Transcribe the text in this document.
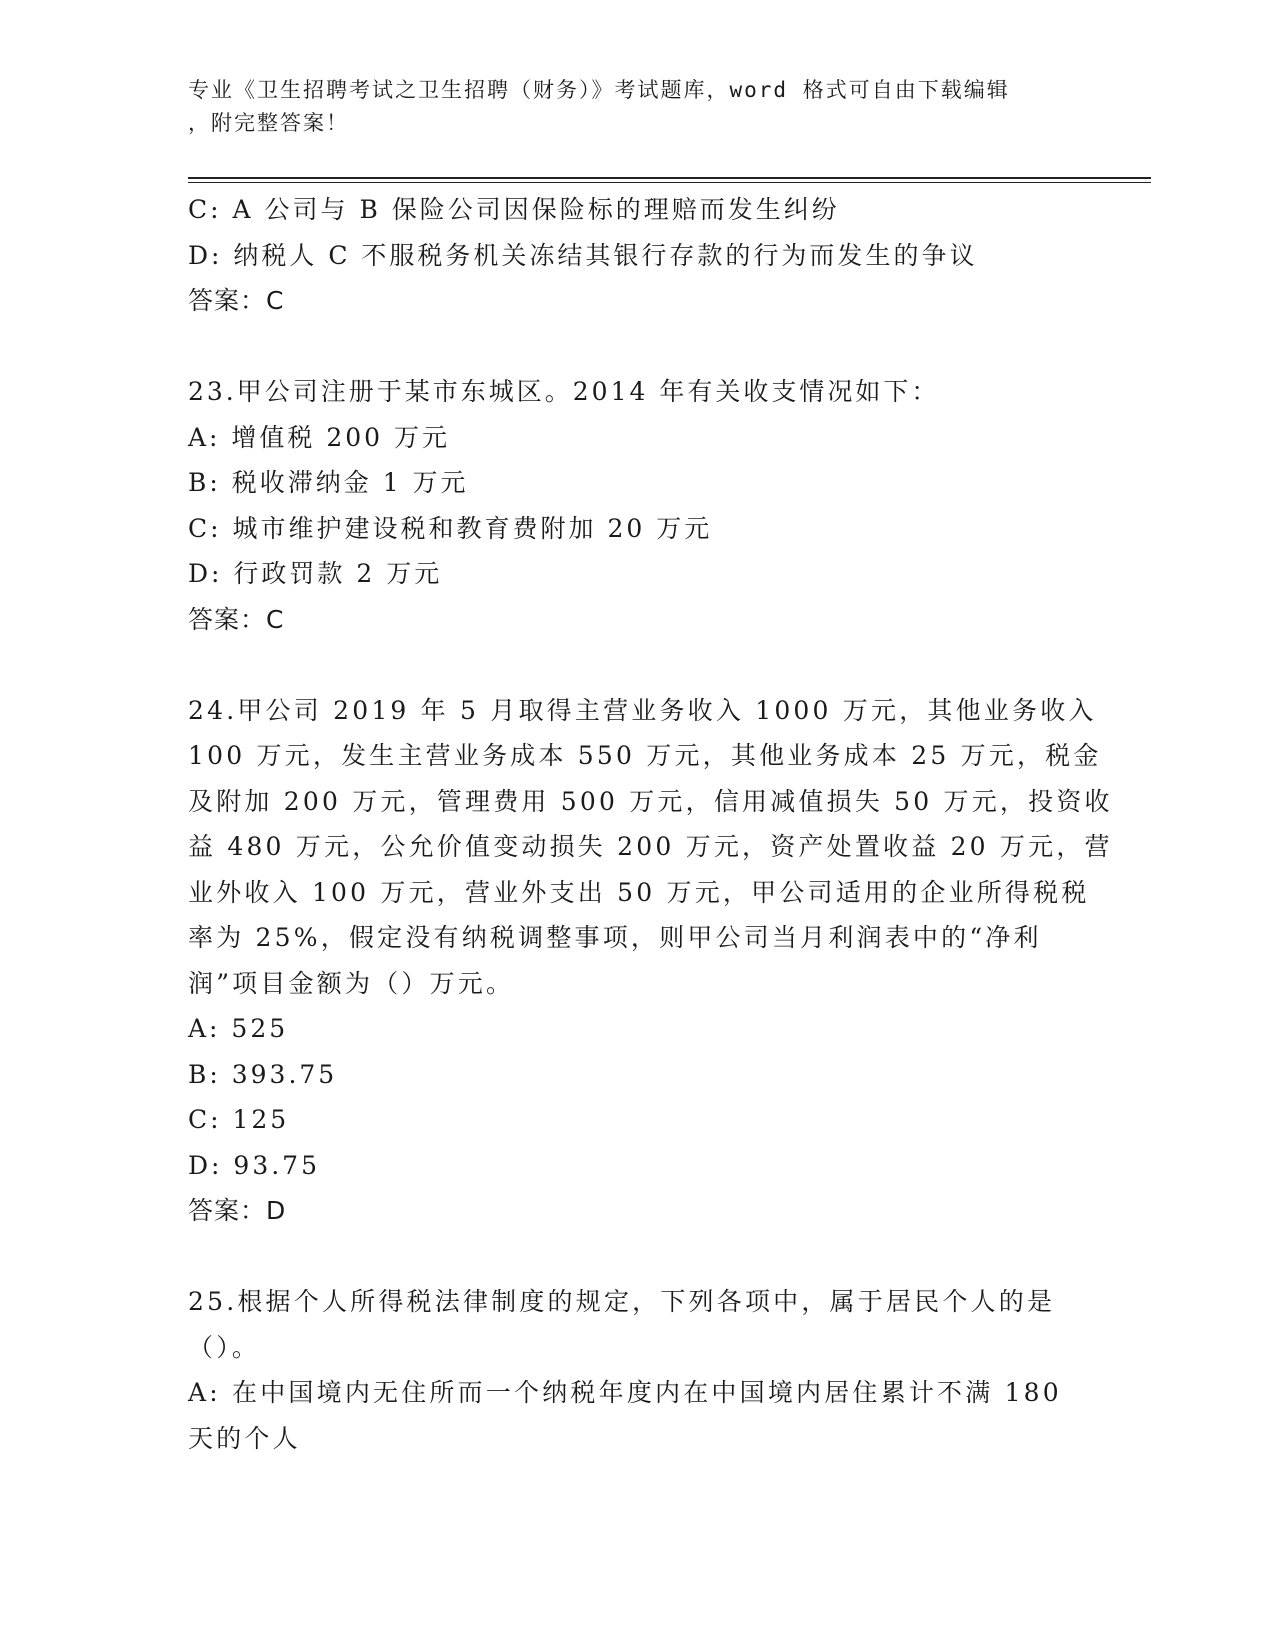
专业《卫生招聘考试之卫生招聘（财务）》考试题库，word 格式可自由下载编辑
，附完整答案！
C: A 公司与 B 保险公司因保险标的理赔而发生纠纷
D: 纳税人 C 不服税务机关冻结其银行存款的行为而发生的争议
答案：C
23.甲公司注册于某市东城区。2014 年有关收支情况如下：
A: 增值税 200 万元
B: 税收滞纳金 1 万元
C: 城市维护建设税和教育费附加 20 万元
D: 行政罚款 2 万元
答案：C
24.甲公司 2019 年 5 月取得主营业务收入 1000 万元，其他业务收入
100 万元，发生主营业务成本 550 万元，其他业务成本 25 万元，税金
及附加 200 万元，管理费用 500 万元，信用减值损失 50 万元，投资收
益 480 万元，公允价值变动损失 200 万元，资产处置收益 20 万元，营
业外收入 100 万元，营业外支出 50 万元，甲公司适用的企业所得税税
率为 25%，假定没有纳税调整事项，则甲公司当月利润表中的“净利
润”项目金额为（）万元。
A: 525
B: 393.75
C: 125
D: 93.75
答案：D
25.根据个人所得税法律制度的规定，下列各项中，属于居民个人的是
（）。
A: 在中国境内无住所而一个纳税年度内在中国境内居住累计不满 180
天的个人
